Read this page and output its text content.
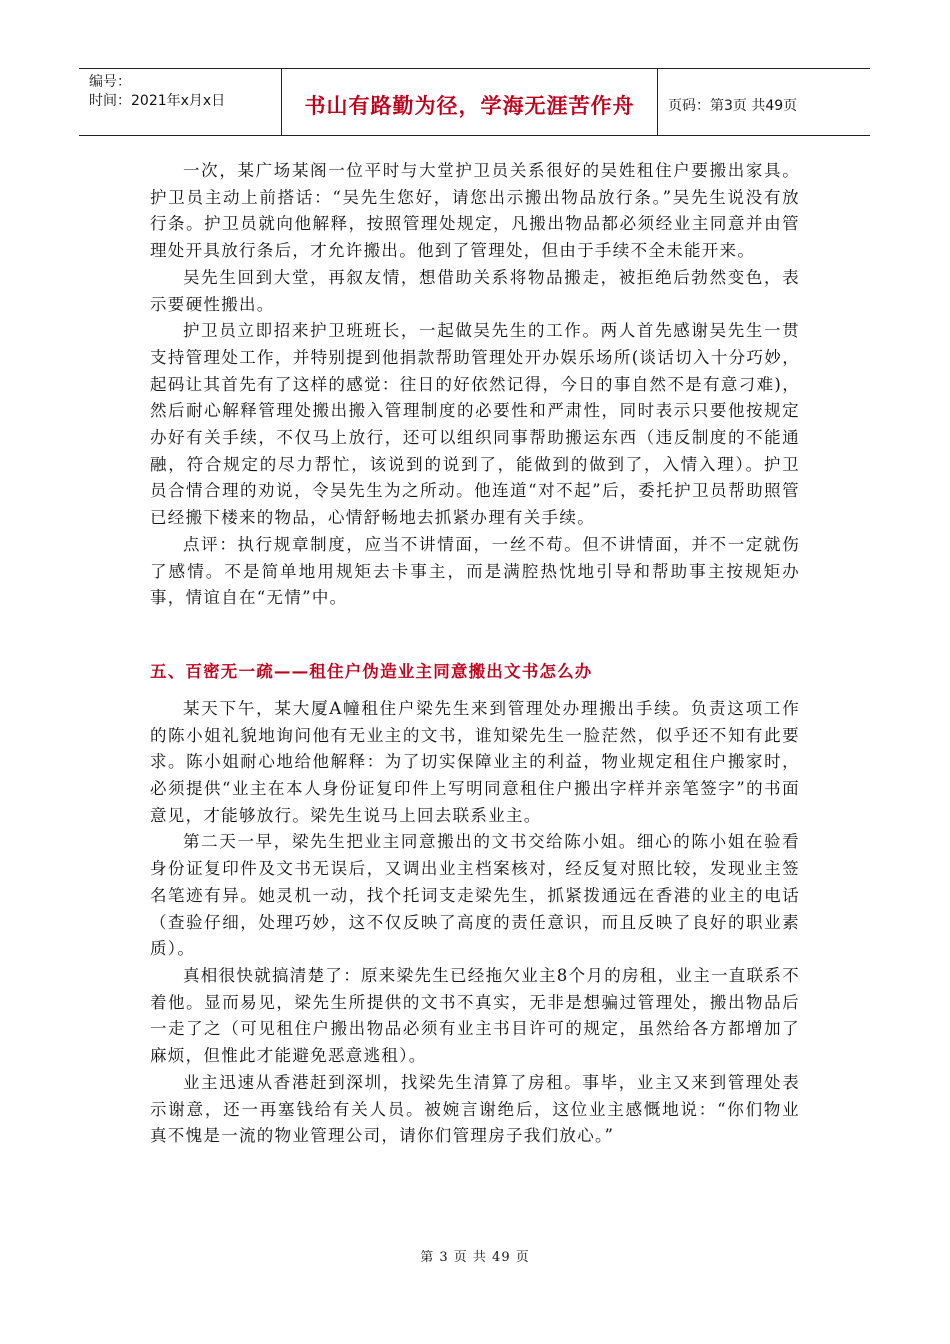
编号：
时间：2021年x月x日	书山有路勤为径，学海无涯苦作舟	页码：第3页 共49页

一次，某广场某阁一位平时与大堂护卫员关系很好的吴姓租住户要搬出家具。护卫员主动上前搭话：“吴先生您好，请您出示搬出物品放行条。”吴先生说没有放行条。护卫员就向他解释，按照管理处规定，凡搬出物品都必须经业主同意并由管理处开具放行条后，才允许搬出。他到了管理处，但由于手续不全未能开来。

吴先生回到大堂，再叙友情，想借助关系将物品搬走，被拒绝后勃然变色，表示要硬性搬出。

护卫员立即招来护卫班班长，一起做吴先生的工作。两人首先感谢吴先生一贯支持管理处工作，并特别提到他捐款帮助管理处开办娱乐场所(谈话切入十分巧妙，起码让其首先有了这样的感觉：往日的好依然记得，今日的事自然不是有意刁难)，然后耐心解释管理处搬出搬入管理制度的必要性和严肃性，同时表示只要他按规定办好有关手续，不仅马上放行，还可以组织同事帮助搬运东西（违反制度的不能通融，符合规定的尽力帮忙，该说到的说到了，能做到的做到了，入情入理）。护卫员合情合理的劝说，令吴先生为之所动。他连道“对不起”后，委托护卫员帮助照管已经搬下楼来的物品，心情舒畅地去抓紧办理有关手续。

点评：执行规章制度，应当不讲情面，一丝不苟。但不讲情面，并不一定就伤了感情。不是简单地用规矩去卡事主，而是满腔热忱地引导和帮助事主按规矩办事，情谊自在“无情”中。

五、百密无一疏——租住户伪造业主同意搬出文书怎么办

某天下午，某大厦A幢租住户梁先生来到管理处办理搬出手续。负责这项工作的陈小姐礼貌地询问他有无业主的文书，谁知梁先生一脸茫然，似乎还不知有此要求。陈小姐耐心地给他解释：为了切实保障业主的利益，物业规定租住户搬家时，必须提供“业主在本人身份证复印件上写明同意租住户搬出字样并亲笔签字”的书面意见，才能够放行。梁先生说马上回去联系业主。

第二天一早，梁先生把业主同意搬出的文书交给陈小姐。细心的陈小姐在验看身份证复印件及文书无误后，又调出业主档案核对，经反复对照比较，发现业主签名笔迹有异。她灵机一动，找个托词支走梁先生，抓紧拨通远在香港的业主的电话（查验仔细，处理巧妙，这不仅反映了高度的责任意识，而且反映了良好的职业素质）。

真相很快就搞清楚了：原来梁先生已经拖欠业主8个月的房租，业主一直联系不着他。显而易见，梁先生所提供的文书不真实，无非是想骗过管理处，搬出物品后一走了之（可见租住户搬出物品必须有业主书目许可的规定，虽然给各方都增加了麻烦，但惟此才能避免恶意逃租）。

业主迅速从香港赶到深圳，找梁先生清算了房租。事毕，业主又来到管理处表示谢意，还一再塞钱给有关人员。被婉言谢绝后，这位业主感慨地说：“你们物业真不愧是一流的物业管理公司，请你们管理房子我们放心。”

第 3 页 共 49 页
